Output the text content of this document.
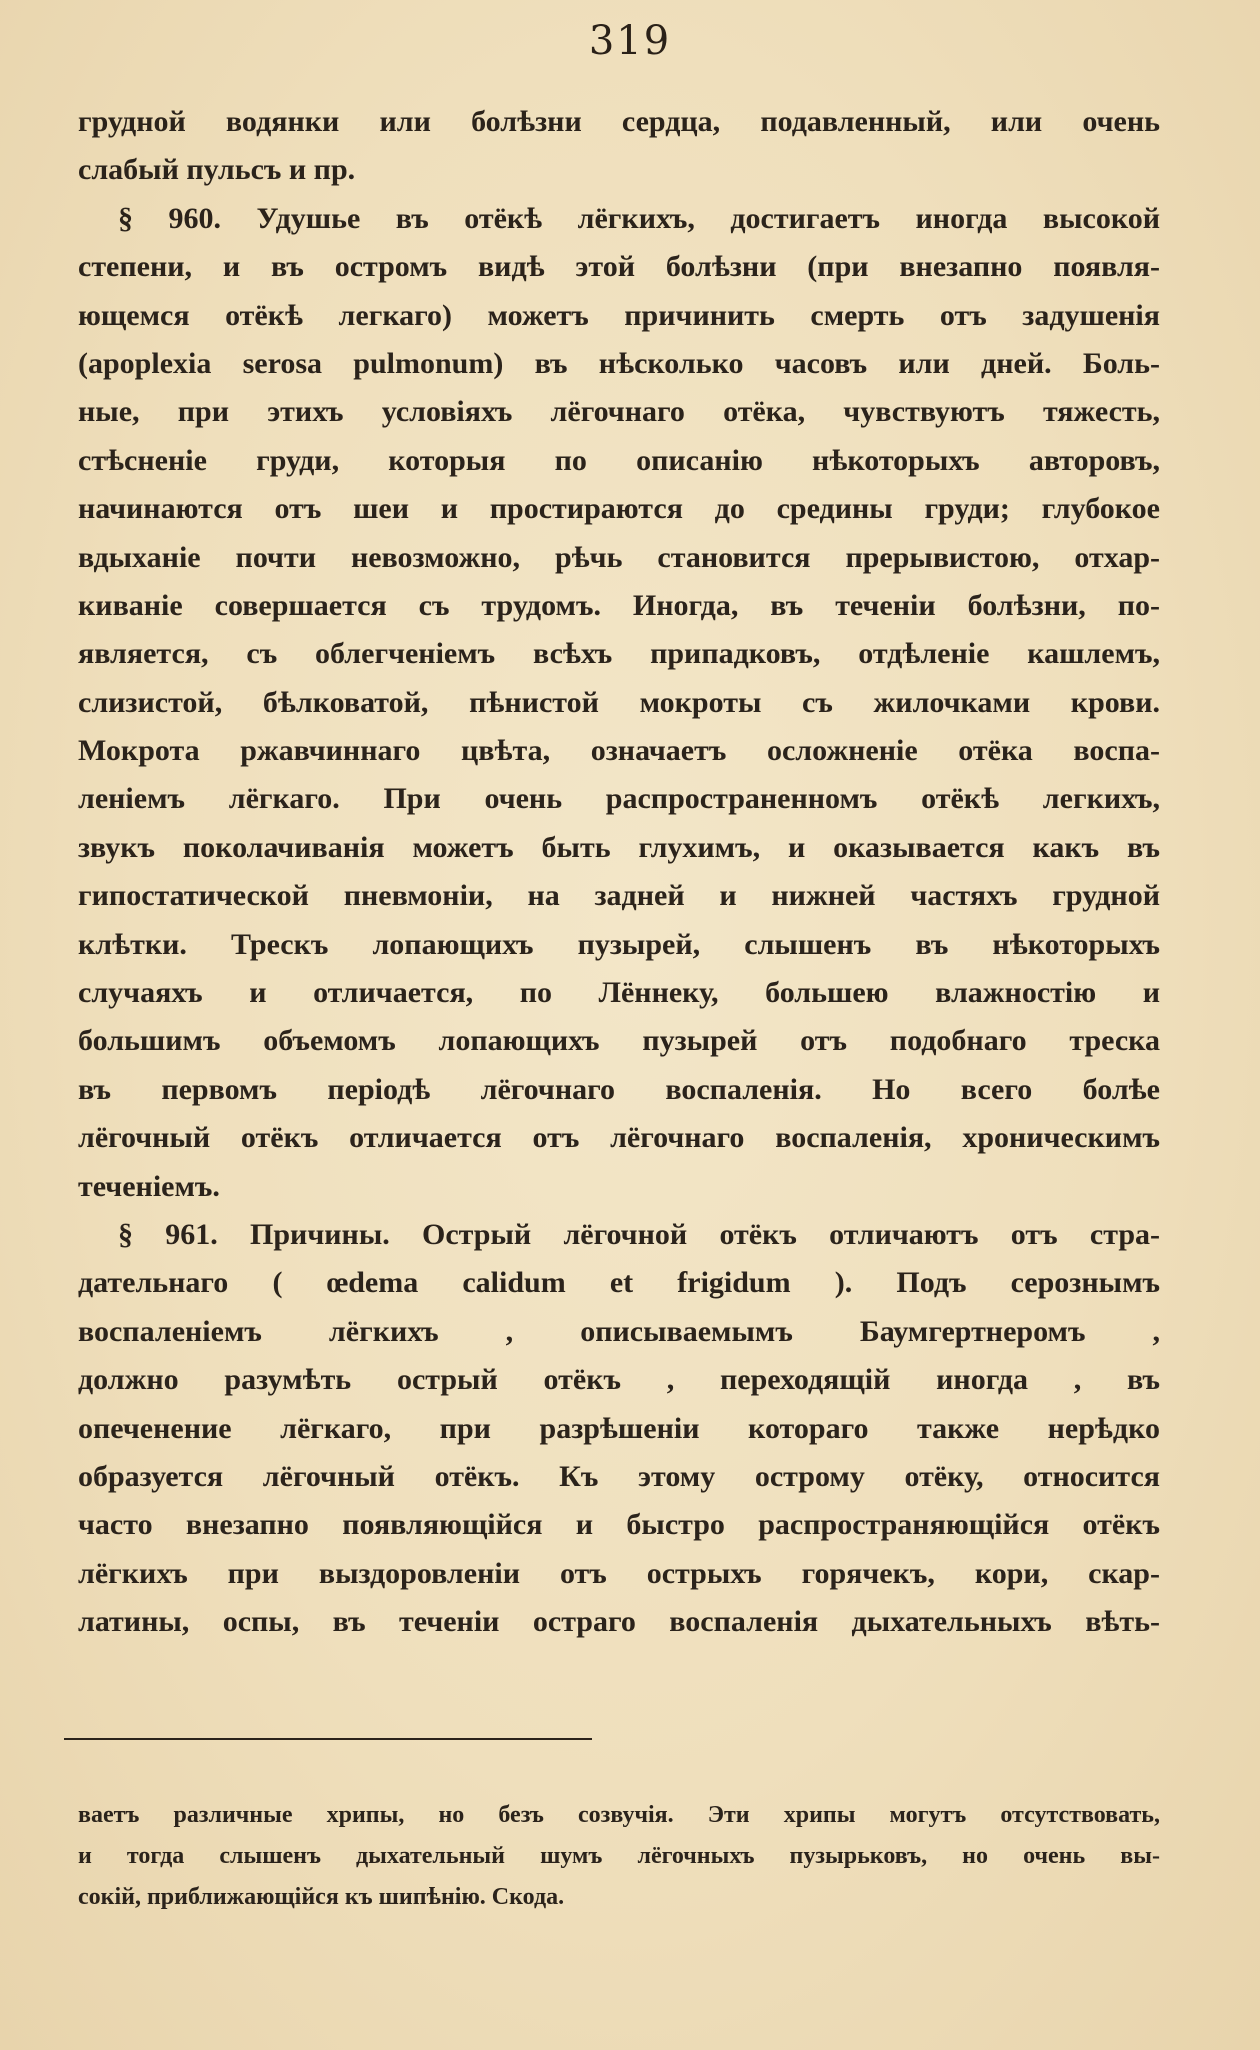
319
грудной водянки или болѣзни сердца, подавленный, или очень
слабый пульсъ и пр.
§ 960. Удушье въ отёкѣ лёгкихъ, достигаетъ иногда высокой
степени, и въ остромъ видѣ этой болѣзни (при внезапно появля-
ющемся отёкѣ легкаго) можетъ причинить смерть отъ задушенія
(apoplexia serosa pulmonum) въ нѣсколько часовъ или дней. Боль-
ные, при этихъ условіяхъ лёгочнаго отёка, чувствуютъ тяжесть,
стѣсненіе груди, которыя по описанію нѣкоторыхъ авторовъ,
начинаются отъ шеи и простираются до средины груди; глубокое
вдыханіе почти невозможно, рѣчь становится прерывистою, отхар-
киваніе совершается съ трудомъ. Иногда, въ теченіи болѣзни, по-
является, съ облегченіемъ всѣхъ припадковъ, отдѣленіе кашлемъ,
слизистой, бѣлковатой, пѣнистой мокроты съ жилочками крови.
Мокрота ржавчиннаго цвѣта, означаетъ осложненіе отёка воспа-
леніемъ лёгкаго. При очень распространенномъ отёкѣ легкихъ,
звукъ поколачиванія можетъ быть глухимъ, и оказывается какъ въ
гипостатической пневмоніи, на задней и нижней частяхъ грудной
клѣтки. Трескъ лопающихъ пузырей, слышенъ въ нѣкоторыхъ
случаяхъ и отличается, по Лённеку, большею влажностію и
большимъ объемомъ лопающихъ пузырей отъ подобнаго треска
въ первомъ періодѣ лёгочнаго воспаленія. Но всего болѣе
лёгочный отёкъ отличается отъ лёгочнаго воспаленія, хроническимъ
теченіемъ.
§ 961. Причины. Острый лёгочной отёкъ отличаютъ отъ стра-
дательнаго ( œdema calidum et frigidum ). Подъ серознымъ
воспаленіемъ лёгкихъ , описываемымъ Баумгертнеромъ ,
должно разумѣть острый отёкъ , переходящій иногда , въ
опеченение лёгкаго, при разрѣшеніи котораго также нерѣдко
образуется лёгочный отёкъ. Къ этому острому отёку, относится
часто внезапно появляющійся и быстро распространяющійся отёкъ
лёгкихъ при выздоровленіи отъ острыхъ горячекъ, кори, скар-
латины, оспы, въ теченіи остраго воспаленія дыхательныхъ вѣть-
ваетъ различные хрипы, но безъ созвучія. Эти хрипы могутъ отсутствовать,
и тогда слышенъ дыхательный шумъ лёгочныхъ пузырьковъ, но очень вы-
сокій, приближающійся къ шипѣнію. Скода.
